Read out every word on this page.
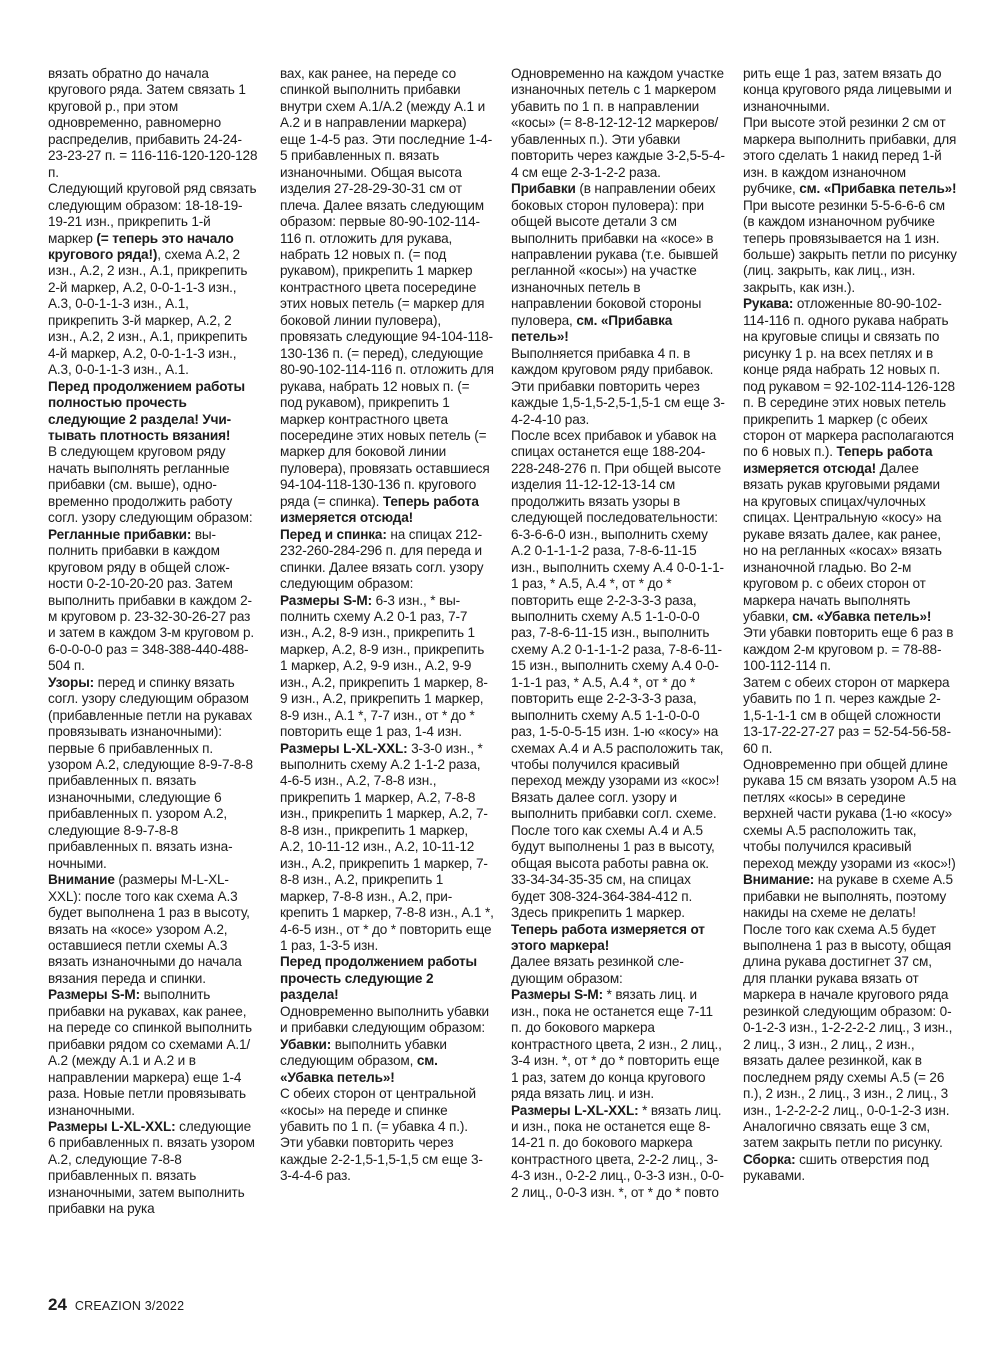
вязать обратно до начала кругового ряда. Затем связать 1 круговой р., при этом одновременно, равномерно распределив, прибавить 24-24-23-23-27 п. = 116-116-120-120-128 п.

Следующий круговой ряд связать следующим образом: 18-18-19-19-21 изн., прикрепить 1-й маркер (= теперь это начало кругового ряда!), схема А.2, 2 изн., А.2, 2 изн., А.1, прикрепить 2-й маркер, А.2, 0-0-1-1-3 изн., А.3, 0-0-1-1-3 изн., А.1, прикрепить 3-й маркер, А.2, 2 изн., А.2, 2 изн., А.1, прикрепить 4-й маркер, А.2, 0-0-1-1-3 изн., А.3, 0-0-1-1-3 изн., А.1.

Перед продолжением работы полностью прочесть следующие 2 раздела! Учитывать плотность вязания!

В следующем круговом ряду начать выполнять регланные прибавки (см. выше), одновременно продолжить работу согл. узору следующим образом:

Регланные прибавки: выполнить прибавки в каждом круговом ряду в общей сложности 0-2-10-20-20 раз. Затем выполнить прибавки в каждом 2-м круговом р. 23-32-30-26-27 раз и затем в каждом 3-м круговом р. 6-0-0-0-0 раз = 348-388-440-488-504 п.

Узоры: перед и спинку вязать согл. узору следующим образом (прибавленные петли на рукавах провязывать изнаночными): первые 6 прибавленных п. узором А.2, следующие 8-9-7-8-8 прибавленных п. вязать изнаночными, следующие 6 прибавленных п. узором А.2, следующие 8-9-7-8-8 прибавленных п. вязать изнаночными.

Внимание (размеры M-L-XL-XXL): после того как схема А.3 будет выполнена 1 раз в высоту, вязать на «косе» узором А.2, оставшиеся петли схемы А.3 вязать изнаночными до начала вязания переда и спинки.

Размеры S-M: выполнить прибавки на рукавах, как ранее, на переде со спинкой выполнить прибавки рядом со схемами А.1/А.2 (между А.1 и А.2 и в направлении маркера) еще 1-4 раза. Новые петли провязывать изнаночными.

Размеры L-XL-XXL: следующие 6 прибавленных п. вязать узором А.2, следующие 7-8-8 прибавленных п. вязать изнаночными, затем выполнить прибавки на рука

вах, как ранее, на переде со спинкой выполнить прибавки внутри схем А.1/А.2 (между А.1 и А.2 и в направлении маркера) еще 1-4-5 раз. Эти последние 1-4-5 прибавленных п. вязать изнаночными. Общая высота изделия 27-28-29-30-31 см от плеча. Далее вязать следующим образом: первые 80-90-102-114-116 п. отложить для рукава, набрать 12 новых п. (= под рукавом), прикрепить 1 маркер контрастного цвета посередине этих новых петель (= маркер для боковой линии пуловера), провязать следующие 94-104-118-130-136 п. (= перед), следующие 80-90-102-114-116 п. отложить для рукава, набрать 12 новых п. (= под рукавом), прикрепить 1 маркер контрастного цвета посередине этих новых петель (= маркер для боковой линии пуловера), провязать оставшиеся 94-104-118-130-136 п. кругового ряда (= спинка). Теперь работа измеряется отсюда!

Перед и спинка: на спицах 212-232-260-284-296 п. для переда и спинки. Далее вязать согл. узору следующим образом:

Размеры S-M: 6-3 изн., * выполнить схему А.2 0-1 раз, 7-7 изн., А.2, 8-9 изн., прикрепить 1 маркер, А.2, 8-9 изн., прикрепить 1 маркер, А.2, 9-9 изн., А.2, 9-9 изн., А.2, прикрепить 1 маркер, 8-9 изн., А.2, прикрепить 1 маркер, 8-9 изн., А.1 *, 7-7 изн., от * до * повторить еще 1 раз, 1-4 изн.

Размеры L-XL-XXL: 3-3-0 изн., * выполнить схему А.2 1-1-2 раза, 4-6-5 изн., А.2, 7-8-8 изн., прикрепить 1 маркер, А.2, 7-8-8 изн., прикрепить 1 маркер, А.2, 7-8-8 изн., прикрепить 1 маркер, А.2, 10-11-12 изн., А.2, 10-11-12 изн., А.2, прикрепить 1 маркер, 7-8-8 изн., А.2, прикрепить 1 маркер, 7-8-8 изн., А.2, прикрепить 1 маркер, 7-8-8 изн., А.1 *, 4-6-5 изн., от * до * повторить еще 1 раз, 1-3-5 изн.

Перед продолжением работы прочесть следующие 2 раздела!

Одновременно выполнить убавки и прибавки следующим образом:

Убавки: выполнить убавки следующим образом, см. «Убавка петель»!

С обеих сторон от центральной «косы» на переде и спинке убавить по 1 п. (= убавка 4 п.). Эти убавки повторить через каждые 2-2-1,5-1,5-1,5 см еще 3-3-4-4-6 раз.

Одновременно на каждом участке изнаночных петель с 1 маркером убавить по 1 п. в направлении «косы» (= 8-8-12-12-12 маркеров/убавленных п.). Эти убавки повторить через каждые 3-2,5-5-4-4 см еще 2-3-1-2-2 раза.

Прибавки (в направлении обеих боковых сторон пуловера): при общей высоте детали 3 см выполнить прибавки на «косе» в направлении рукава (т.е. бывшей регланной «косы») на участке изнаночных петель в направлении боковой стороны пуловера, см. «Прибавка петель»!

Выполняется прибавка 4 п. в каждом круговом ряду прибавок. Эти прибавки повторить через каждые 1,5-1,5-2,5-1,5-1 см еще 3-4-2-4-10 раз.

После всех прибавок и убавок на спицах останется еще 188-204-228-248-276 п. При общей высоте изделия 11-12-12-13-14 см продолжить вязать узоры в следующей последовательности: 6-3-6-6-0 изн., выполнить схему А.2 0-1-1-1-2 раза, 7-8-6-11-15 изн., выполнить схему А.4 0-0-1-1-1 раз, * А.5, А.4 *, от * до * повторить еще 2-2-3-3-3 раза, выполнить схему А.5 1-1-0-0-0 раз, 7-8-6-11-15 изн., выполнить схему А.2 0-1-1-1-2 раза, 7-8-6-11-15 изн., выполнить схему А.4 0-0-1-1-1 раз, * А.5, А.4 *, от * до * повторить еще 2-2-3-3-3 раза, выполнить схему А.5 1-1-0-0-0 раз, 1-5-0-5-15 изн. 1-ю «косу» на схемах А.4 и А.5 расположить так, чтобы получился красивый переход между узорами из «кос»! Вязать далее согл. узору и выполнить прибавки согл. схеме.

После того как схемы А.4 и А.5 будут выполнены 1 раз в высоту, общая высота работы равна ок. 33-34-34-35-35 см, на спицах будет 308-324-364-384-412 п. Здесь прикрепить 1 маркер. Теперь работа измеряется от этого маркера!

Далее вязать резинкой следующим образом:

Размеры S-M: * вязать лиц. и изн., пока не останется еще 7-11 п. до бокового маркера контрастного цвета, 2 изн., 2 лиц., 3-4 изн. *, от * до * повторить еще 1 раз, затем до конца кругового ряда вязать лиц. и изн.

Размеры L-XL-XXL: * вязать лиц. и изн., пока не останется еще 8-14-21 п. до бокового маркера контрастного цвета, 2-2-2 лиц., 3-4-3 изн., 0-2-2 лиц., 0-3-3 изн., 0-0-2 лиц., 0-0-3 изн. *, от * до * повто

рить еще 1 раз, затем вязать до конца кругового ряда лицевыми и изнаночными.

При высоте этой резинки 2 см от маркера выполнить прибавки, для этого сделать 1 накид перед 1-й изн. в каждом изнаночном рубчике, см. «Прибавка петель»! При высоте резинки 5-5-6-6-6 см (в каждом изнаночном рубчике теперь провязывается на 1 изн. больше) закрыть петли по рисунку (лиц. закрыть, как лиц., изн. закрыть, как изн.).

Рукава: отложенные 80-90-102-114-116 п. одного рукава набрать на круговые спицы и связать по рисунку 1 р. на всех петлях и в конце ряда набрать 12 новых п. под рукавом = 92-102-114-126-128 п. В середине этих новых петель прикрепить 1 маркер (с обеих сторон от маркера располагаются по 6 новых п.). Теперь работа измеряется отсюда! Далее вязать рукав круговыми рядами на круговых спицах/чулочных спицах. Центральную «косу» на рукаве вязать далее, как ранее, но на регланных «косах» вязать изнаночной гладью. Во 2-м круговом р. с обеих сторон от маркера начать выполнять убавки, см. «Убавка петель»!

Эти убавки повторить еще 6 раз в каждом 2-м круговом р. = 78-88-100-112-114 п.

Затем с обеих сторон от маркера убавить по 1 п. через каждые 2-1,5-1-1-1 см в общей сложности 13-17-22-27-27 раз = 52-54-56-58-60 п.

Одновременно при общей длине рукава 15 см вязать узором А.5 на петлях «косы» в середине верхней части рукава (1-ю «косу» схемы А.5 расположить так, чтобы получился красивый переход между узорами из «кос»!)

Внимание: на рукаве в схеме А.5 прибавки не выполнять, поэтому накиды на схеме не делать! После того как схема А.5 будет выполнена 1 раз в высоту, общая длина рукава достигнет 37 см, для планки рукава вязать от маркера в начале кругового ряда резинкой следующим образом: 0-0-1-2-3 изн., 1-2-2-2-2 лиц., 3 изн., 2 лиц., 3 изн., 2 лиц., 2 изн., вязать далее резинкой, как в последнем ряду схемы А.5 (= 26 п.), 2 изн., 2 лиц., 3 изн., 2 лиц., 3 изн., 1-2-2-2-2 лиц., 0-0-1-2-3 изн. Аналогично связать еще 3 см, затем закрыть петли по рисунку.

Сборка: сшить отверстия под рукавами.

24 CREAZION 3/2022
